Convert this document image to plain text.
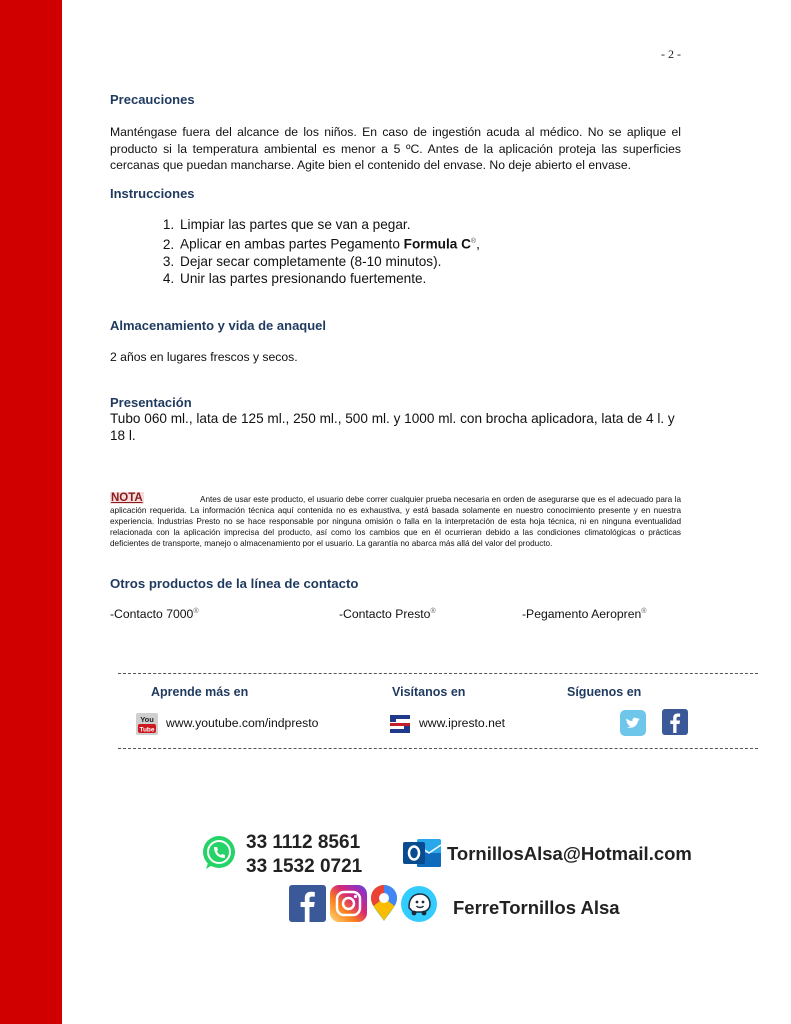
- 2 -
Precauciones
Manténgase fuera del alcance de los niños. En caso de ingestión acuda al médico. No se aplique el producto si la temperatura ambiental es menor a 5 ºC. Antes de la aplicación proteja las superficies cercanas que puedan mancharse. Agite bien el contenido del envase. No deje abierto el envase.
Instrucciones
1. Limpiar las partes que se van a pegar.
2. Aplicar en ambas partes Pegamento Formula C®,
3. Dejar secar completamente (8-10 minutos).
4. Unir las partes presionando fuertemente.
Almacenamiento y vida de anaquel
2 años en lugares frescos y secos.
Presentación
Tubo 060 ml., lata de 125 ml., 250 ml., 500 ml. y 1000 ml. con brocha aplicadora, lata de 4 l. y 18 l.
Antes de usar este producto, el usuario debe correr cualquier prueba necesaria en orden de asegurarse que es el adecuado para la aplicación requerida. La información técnica aquí contenida no es exhaustiva, y está basada solamente en nuestro conocimiento presente y en nuestra experiencia. Industrias Presto no se hace responsable por ninguna omisión o falla en la interpretación de esta hoja técnica, ni en ninguna eventualidad relacionada con la aplicación imprecisa del producto, así como los cambios que en él ocurrieran debido a las condiciones climatológicas o prácticas deficientes de transporte, manejo o almacenamiento por el usuario. La garantía no abarca más allá del valor del producto.
NOTA
Otros productos de la línea de contacto
-Contacto 7000®	-Contacto Presto®	-Pegamento Aeropren®
Aprende más en	Visítanos en	Síguenos en
You
Tube www.youtube.com/indpresto	www.ipresto.net
33 1112 8561
33 1532 0721
TornillosAlsa@Hotmail.com
FerreTornillos Alsa
